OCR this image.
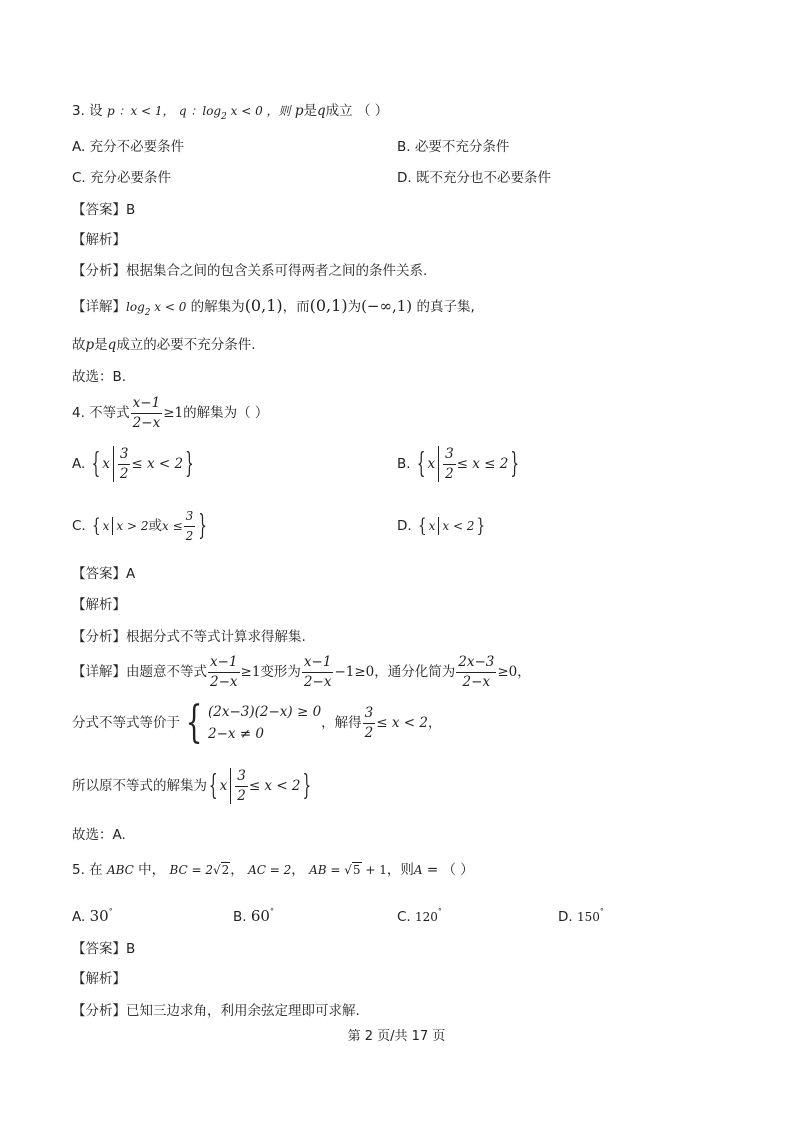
3. 设 p ：x < 1， q ：$\log_2 x < 0$ ，则 p是q成立 （ ）
A. 充分不必要条件	B. 必要不充分条件
C. 充分必要条件	D. 既不充分也不必要条件
【答案】B
【解析】
【分析】根据集合之间的包含关系可得两者之间的条件关系.
【详解】$\log_2 x < 0$ 的解集为(0,1)，而(0,1)为(−∞,1) 的真子集,
故p是q成立的必要不充分条件.
故选：B.
4. 不等式 $\frac{x-1}{2-x} \ge 1$的解集为（ ）
A. { x $\frac{3}{2} \le x < 2$ }	B. { x $\frac{3}{2} \le x \le 2$ }
C. { x x > 2或$x \le \frac{3}{2}$ }	D. { x x < 2 }
【答案】A
【解析】
【分析】根据分式不等式计算求得解集.
【详解】由题意不等式 $\frac{x-1}{2-x} \ge 1$变形为 $\frac{x-1}{2-x} -1\ge 0$，通分化简为 $\frac{2x-3}{2-x} \ge 0$，
分式不等式等价于 { (2x−3)(2−x) ≥ 0
2−x ≠ 0
，解得 $\frac{3}{2} \le x < 2$，
所以原不等式的解集为 { x $\frac{3}{2} \le x < 2$ }
故选：A.
5. 在 ABC 中， BC = 2√2， AC = 2， AB = √5 + 1，则A = （ ）
A. 30°	B. 60°	C. 120°	D. 150°
【答案】B
【解析】
【分析】已知三边求角，利用余弦定理即可求解.
第 2 页/共 17 页
